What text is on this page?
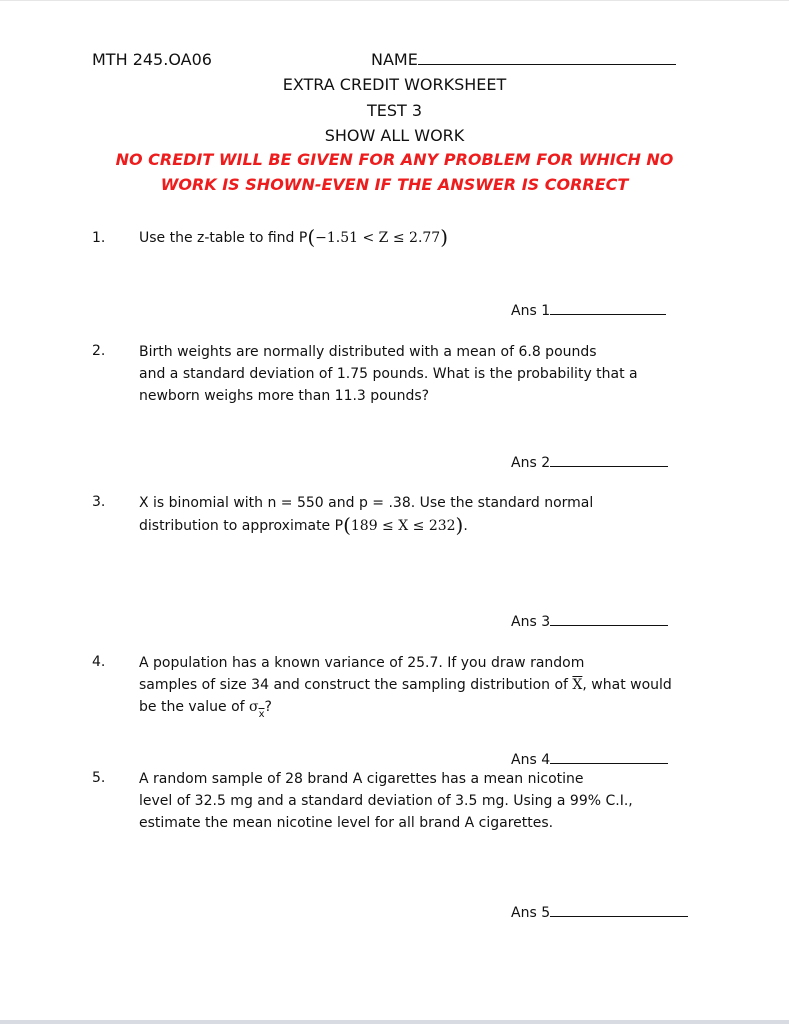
MTH 245.OA06	NAME
EXTRA CREDIT WORKSHEET
TEST 3
SHOW ALL WORK
NO CREDIT WILL BE GIVEN FOR ANY PROBLEM FOR WHICH NO
WORK IS SHOWN-EVEN IF THE ANSWER IS CORRECT
1. Use the z-table to find P(−1.51 < Z ≤ 2.77)
Ans 1
2. Birth weights are normally distributed with a mean of 6.8 pounds
and a standard deviation of 1.75 pounds. What is the probability that a
newborn weighs more than 11.3 pounds?
Ans 2
3. X is binomial with n = 550 and p = .38. Use the standard normal
distribution to approximate P(189 ≤ X ≤ 232).
Ans 3
4. A population has a known variance of 25.7. If you draw random
samples of size 34 and construct the sampling distribution of $\overline{X}$, what would
be the value of $\sigma_{\overline{x}}$?
Ans 4
5. A random sample of 28 brand A cigarettes has a mean nicotine
level of 32.5 mg and a standard deviation of 3.5 mg. Using a 99% C.I.,
estimate the mean nicotine level for all brand A cigarettes.
Ans 5
